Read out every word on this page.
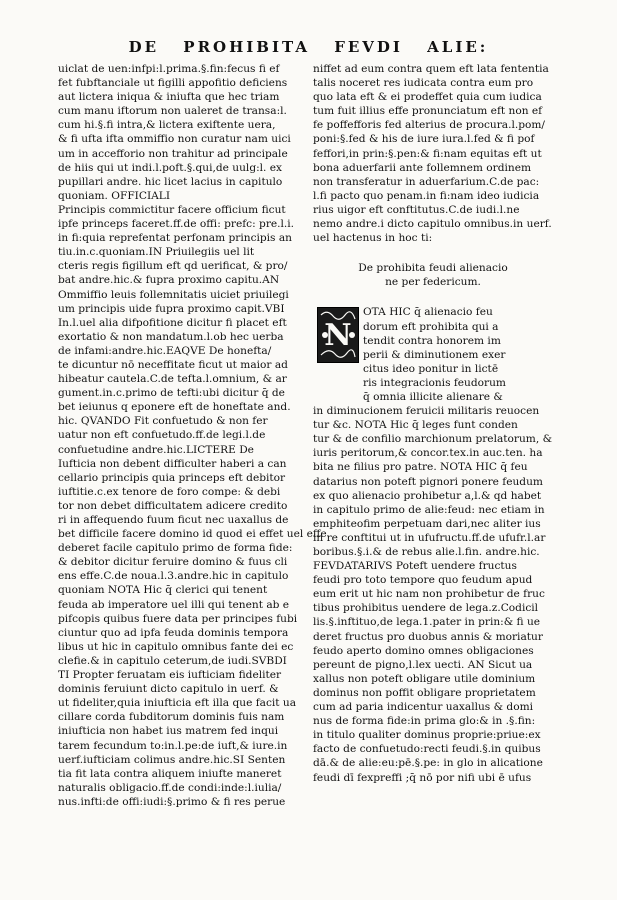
DE PROHIBITA FEVDI ALIE:
uiclat de uen:infpi:l.prima.§.fin:fecus fi ef
fet fubftanciale ut figilli appofitio deficiens
aut lictera iniqua & iniufta que hec triam
cum manu iftorum non ualeret de transa:l.
cum hi.§.fi intra,& lictera exiftente uera,
& fi ufta ifta ommiffio non curatur nam uici
um in accefforio non trahitur ad principale
de hiis qui ut indi.l.poft.§.qui,de uulg:l. ex
pupillari andre. hic licet lacius in capitulo
quoniam. OFFICIALI
Principis commictitur facere officium ficut
ipfe princeps faceret.ff.de offi: prefc: pre.l.i.
in fi:quia reprefentat perfonam principis an
tiu.in.c.quoniam.IN Priuilegiis uel lit
cteris regis figillum eft qd uerificat, & pro/
bat andre.hic.& fupra proximo capitu.AN
Ommiffio leuis follemnitatis uiciet priuilegi
um principis uide fupra proximo capit.VBI
In.l.uel alia difpofitione dicitur fi placet eft
exortatio & non mandatum.l.ob hec uerba
de infami:andre.hic.EAQVE De honefta/
te dicuntur nō neceffitate ficut ut maior ad
hibeatur cautela.C.de tefta.l.omnium, & ar
gument.in.c.primo de tefti:ubi dicitur q̄ de
bet ieiunus q eponere eft de honeftate and.
hic. QVANDO Fit confuetudo & non fer
uatur non eft confuetudo.ff.de legi.l.de
confuetudine andre.hic.LICTERE De
Iufticia non debent difficulter haberi a can
cellario principis quia princeps eft debitor
iuftitie.c.ex tenore de foro compe: & debi
tor non debet difficultatem adicere credito
ri in affequendo fuum ficut nec uaxallus de
bet difficile facere domino id quod ei effet uel effe
deberet facile capitulo primo de forma fide:
& debitor dicitur feruire domino & fuus cli
ens effe.C.de noua.l.3.andre.hic in capitulo
quoniam NOTA Hic q̄ clerici qui tenent
feuda ab imperatore uel illi qui tenent ab e
pifcopis quibus fuere data per principes fubi
ciuntur quo ad ipfa feuda dominis tempora
libus ut hic in capitulo omnibus fante dei ec
clefie.& in capitulo ceterum,de iudi.SVBDI
TI Propter feruatam eis iufticiam fideliter
dominis feruiunt dicto capitulo in uerf. &
ut fideliter,quia iniufticia eft illa que facit ua
cillare corda fubditorum dominis fuis nam
iniufticia non habet ius matrem fed inqui
tarem fecundum to:in.l.pe:de iuft,& iure.in
uerf.iufticiam colimus andre.hic.SI Senten
tia fit lata contra aliquem iniufte maneret
naturalis obligacio.ff.de condi:inde:l.iulia/
nus.infti:de offi:iudi:§.primo & fi res perue
niffet ad eum contra quem eft lata fententia
talis noceret res iudicata contra eum pro
quo lata eft & ei prodeffet quia cum iudica
tum fuit illius effe pronunciatum eft non ef
fe poffefforis fed alterius de procura.l.pom/
poni:§.fed & his de iure iura.l.fed & fi pof
feffori,in prin:§.pen:& fi:nam equitas eft ut
bona aduerfarii ante follemnem ordinem
non transferatur in aduerfarium.C.de pac:
l.fi pacto quo penam.in fi:nam ideo iudicia
rius uigor eft conftitutus.C.de iudi.l.ne
nemo andre.i dicto capitulo omnibus.in uerf.
uel hactenus in hoc ti:
De prohibita feudi alienacio
ne per federicum.
N
OTA HIC q̄ alienacio feu
dorum eft prohibita qui a
tendit contra honorem im
perii & diminutionem exer
citus ideo ponitur in lictē
ris integracionis feudorum
q̄ omnia illicite alienare &
in diminucionem feruicii militaris reuocen
tur &c. NOTA Hic q̄ leges funt conden
tur & de confilio marchionum prelatorum, &
iuris peritorum,& concor.tex.in auc.ten. ha
bita ne filius pro patre. NOTA HIC q̄ feu
datarius non poteft pignori ponere feudum
ex quo alienacio prohibetur a,l.& qd habet
in capitulo primo de alie:feud: nec etiam in
emphiteofim perpetuam dari,nec aliter ius
in re conftitui ut in ufufructu.ff.de ufufr.l.ar
boribus.§.i.& de rebus alie.l.fin. andre.hic.
FEVDATARIVS Poteft uendere fructus
feudi pro toto tempore quo feudum apud
eum erit ut hic nam non prohibetur de fruc
tibus prohibitus uendere de lega.z.Codicil
lis.§.inftituo,de lega.1.pater in prin:& fi ue
deret fructus pro duobus annis & moriatur
feudo aperto domino omnes obligaciones
pereunt de pigno,l.lex uecti. AN Sicut ua
xallus non poteft obligare utile dominium
dominus non poffit obligare proprietatem
cum ad paria indicentur uaxallus & domi
nus de forma fide:in prima glo:& in .§.fin:
in titulo qualiter dominus proprie:priue:ex
facto de confuetudo:recti feudi.§.in quibus
dā.& de alie:eu:pē.§.pe: in glo in alicatione
feudi dī fexpreffi ;q̄ nō por nifi ubi ē ufus
